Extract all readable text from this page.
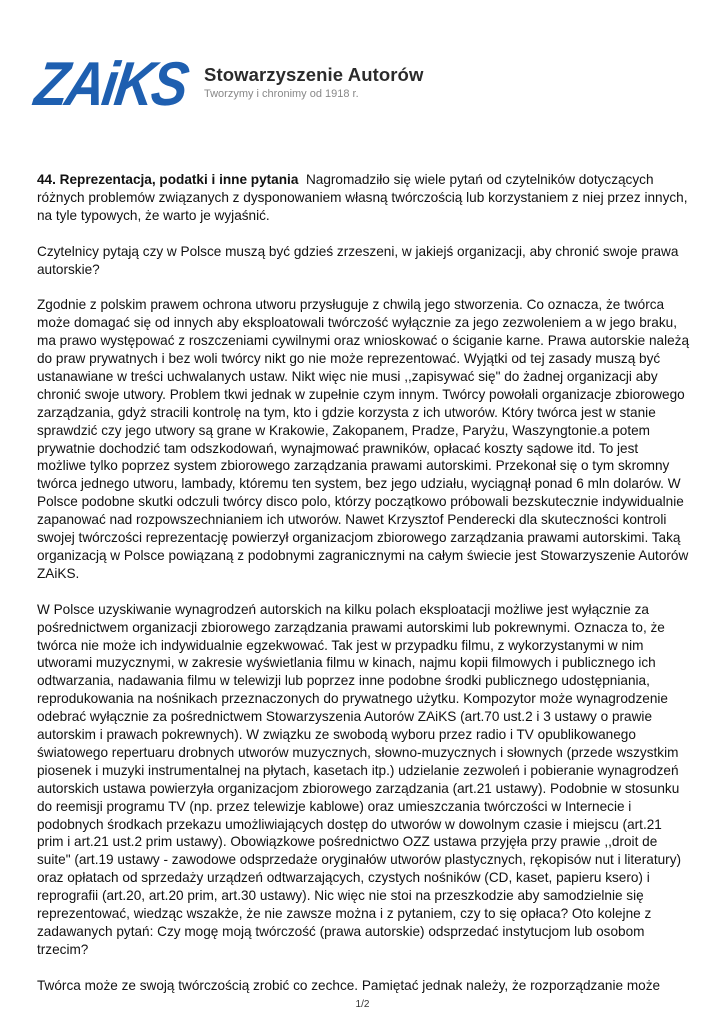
ZAiKS
Stowarzyszenie Autorów
Tworzymy i chronimy od 1918 r.

44. Reprezentacja, podatki i inne pytania Nagromadziło się wiele pytań od czytelników dotyczących różnych problemów związanych z dysponowaniem własną twórczością lub korzystaniem z niej przez innych, na tyle typowych, że warto je wyjaśnić.

Czytelnicy pytają czy w Polsce muszą być gdzieś zrzeszeni, w jakiejś organizacji, aby chronić swoje prawa autorskie?

Zgodnie z polskim prawem ochrona utworu przysługuje z chwilą jego stworzenia. Co oznacza, że twórca może domagać się od innych aby eksploatowali twórczość wyłącznie za jego zezwoleniem a w jego braku, ma prawo występować z roszczeniami cywilnymi oraz wnioskować o ściganie karne. Prawa autorskie należą do praw prywatnych i bez woli twórcy nikt go nie może reprezentować. Wyjątki od tej zasady muszą być ustanawiane w treści uchwalanych ustaw. Nikt więc nie musi ,,zapisywać się" do żadnej organizacji aby chronić swoje utwory. Problem tkwi jednak w zupełnie czym innym. Twórcy powołali organizacje zbiorowego zarządzania, gdyż stracili kontrolę na tym, kto i gdzie korzysta z ich utworów. Który twórca jest w stanie sprawdzić czy jego utwory są grane w Krakowie, Zakopanem, Pradze, Paryżu, Waszyngtonie.a potem prywatnie dochodzić tam odszkodowań, wynajmować prawników, opłacać koszty sądowe itd. To jest możliwe tylko poprzez system zbiorowego zarządzania prawami autorskimi. Przekonał się o tym skromny twórca jednego utworu, lambady, któremu ten system, bez jego udziału, wyciągnął ponad 6 mln dolarów. W Polsce podobne skutki odczuli twórcy disco polo, którzy początkowo próbowali bezskutecznie indywidualnie zapanować nad rozpowszechnianiem ich utworów. Nawet Krzysztof Penderecki dla skuteczności kontroli swojej twórczości reprezentację powierzył organizacjom zbiorowego zarządzania prawami autorskimi. Taką organizacją w Polsce powiązaną z podobnymi zagranicznymi na całym świecie jest Stowarzyszenie Autorów ZAiKS.

W Polsce uzyskiwanie wynagrodzeń autorskich na kilku polach eksploatacji możliwe jest wyłącznie za pośrednictwem organizacji zbiorowego zarządzania prawami autorskimi lub pokrewnymi. Oznacza to, że twórca nie może ich indywidualnie egzekwować. Tak jest w przypadku filmu, z wykorzystanymi w nim utworami muzycznymi, w zakresie wyświetlania filmu w kinach, najmu kopii filmowych i publicznego ich odtwarzania, nadawania filmu w telewizji lub poprzez inne podobne środki publicznego udostępniania, reprodukowania na nośnikach przeznaczonych do prywatnego użytku. Kompozytor może wynagrodzenie odebrać wyłącznie za pośrednictwem Stowarzyszenia Autorów ZAiKS (art.70 ust.2 i 3 ustawy o prawie autorskim i prawach pokrewnych). W związku ze swobodą wyboru przez radio i TV opublikowanego światowego repertuaru drobnych utworów muzycznych, słowno-muzycznych i słownych (przede wszystkim piosenek i muzyki instrumentalnej na płytach, kasetach itp.) udzielanie zezwoleń i pobieranie wynagrodzeń autorskich ustawa powierzyła organizacjom zbiorowego zarządzania (art.21 ustawy). Podobnie w stosunku do reemisji programu TV (np. przez telewizje kablowe) oraz umieszczania twórczości w Internecie i podobnych środkach przekazu umożliwiających dostęp do utworów w dowolnym czasie i miejscu (art.21 prim i art.21 ust.2 prim ustawy). Obowiązkowe pośrednictwo OZZ ustawa przyjęła przy prawie ,,droit de suite" (art.19 ustawy - zawodowe odsprzedaże oryginałów utworów plastycznych, rękopisów nut i literatury) oraz opłatach od sprzedaży urządzeń odtwarzających, czystych nośników (CD, kaset, papieru ksero) i reprografii (art.20, art.20 prim, art.30 ustawy). Nic więc nie stoi na przeszkodzie aby samodzielnie się reprezentować, wiedząc wszakże, że nie zawsze można i z pytaniem, czy to się opłaca? Oto kolejne z zadawanych pytań: Czy mogę moją twórczość (prawa autorskie) odsprzedać instytucjom lub osobom trzecim?

Twórca może ze swoją twórczością zrobić co zechce. Pamiętać jednak należy, że rozporządzanie może

1/2
